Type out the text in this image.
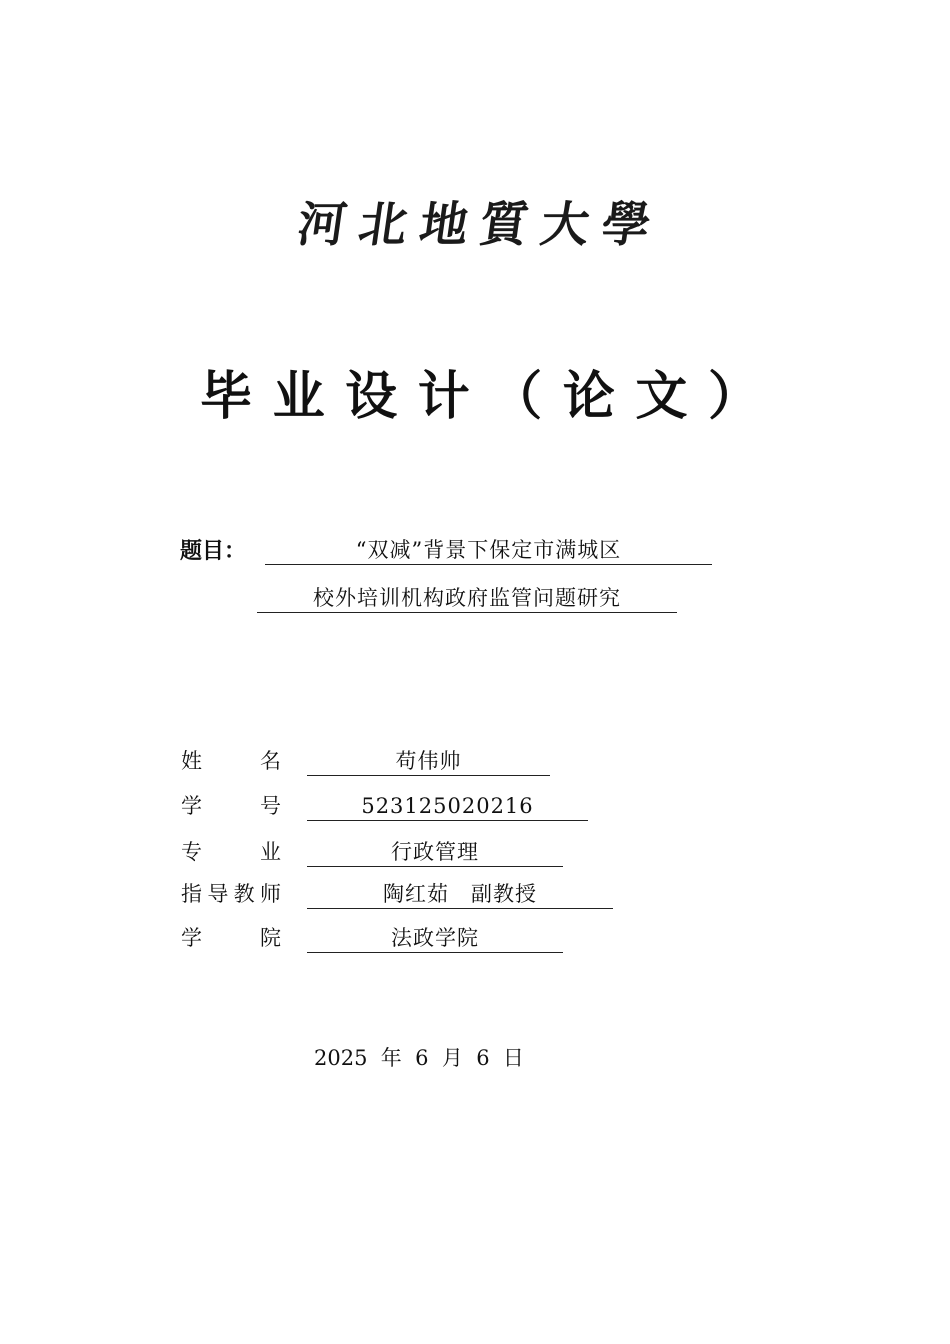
河 北 地 質 大 學
毕 业 设 计 （ 论 文 ）
题目：	“双减”背景下保定市满城区
校外培训机构政府监管问题研究
姓	名	苟伟帅
学	号	523125020216
专	业	行政管理
指 导 教 师	陶红茹　副教授
学	院	法政学院
2025  年  6  月  6  日
